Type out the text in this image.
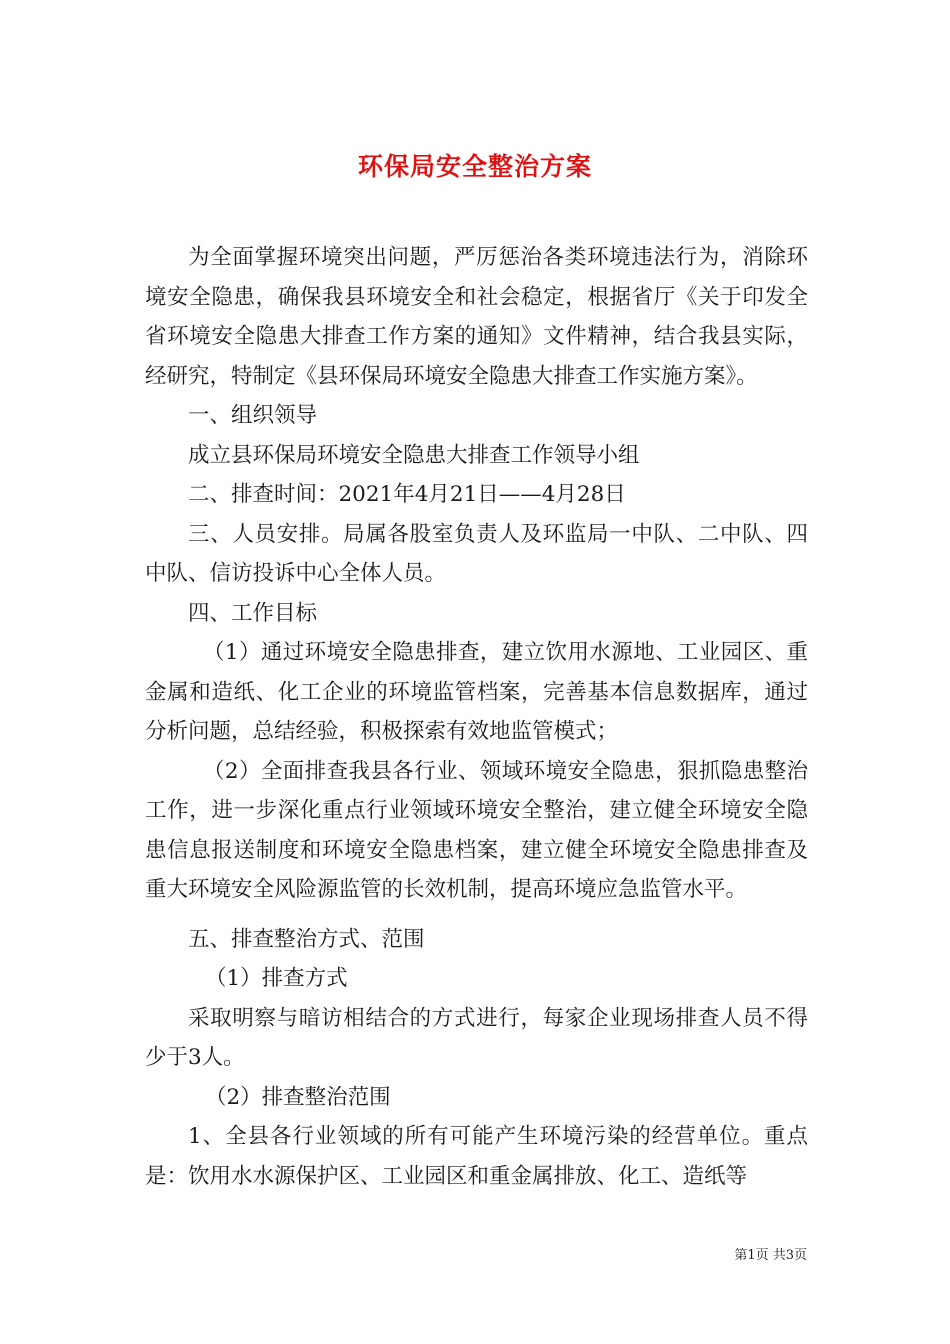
环保局安全整治方案

为全面掌握环境突出问题，严厉惩治各类环境违法行为，消除环境安全隐患，确保我县环境安全和社会稳定，根据省厅《关于印发全省环境安全隐患大排查工作方案的通知》文件精神，结合我县实际，经研究，特制定《县环保局环境安全隐患大排查工作实施方案》。

一、组织领导

成立县环保局环境安全隐患大排查工作领导小组

二、排查时间：2021年4月21日——4月28日

三、人员安排。局属各股室负责人及环监局一中队、二中队、四中队、信访投诉中心全体人员。

四、工作目标

（1）通过环境安全隐患排查，建立饮用水源地、工业园区、重金属和造纸、化工企业的环境监管档案，完善基本信息数据库，通过分析问题，总结经验，积极探索有效地监管模式；

（2）全面排查我县各行业、领域环境安全隐患，狠抓隐患整治工作，进一步深化重点行业领域环境安全整治，建立健全环境安全隐患信息报送制度和环境安全隐患档案，建立健全环境安全隐患排查及重大环境安全风险源监管的长效机制，提高环境应急监管水平。

五、排查整治方式、范围

（1）排查方式

采取明察与暗访相结合的方式进行，每家企业现场排查人员不得少于3人。

（2）排查整治范围

1、全县各行业领域的所有可能产生环境污染的经营单位。重点是：饮用水水源保护区、工业园区和重金属排放、化工、造纸等

第1页 共3页
